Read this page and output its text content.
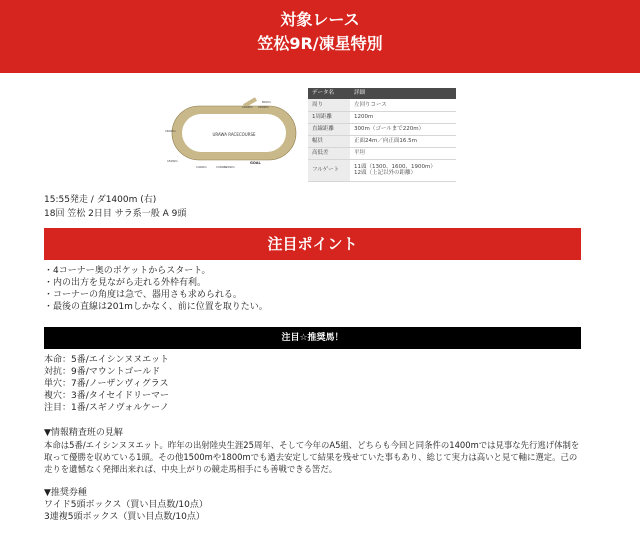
対象レース
笠松9R/凍星特別
URAWA RACECOURSE
800m
1900m 2000m
1600m
1500m
1400m	1300m
1200m
GOAL
データ名	詳細
周り	左回りコース
1周距離	1200m
直線距離	300m（ゴールまで220m）
幅員	正面24m／向正面16.5m
高低差	平坦
フルゲート	11頭（1300、1600、1900m）
12頭（上記以外の距離）
15:55発走 / ダ1400m (右)
18回 笠松 2日目 サラ系一般 A 9頭
注目ポイント
・4コーナー奥のポケットからスタート。
・内の出方を見ながら走れる外枠有利。
・コーナーの角度は急で、器用さも求められる。
・最後の直線は201mしかなく、前に位置を取りたい。
注目☆推奨馬！
本命：5番/エイシンヌヌエット
対抗：9番/マウントゴールド
単穴：7番/ノーザンヴィグラス
複穴：3番/タイセイドリーマー
注目：1番/スギノヴォルケーノ
▼情報精査班の見解
本命は5番/エイシンヌヌエット。昨年の出射陸央生涯25周年、そして今年のA5組、どちらも今回と同条件の1400mでは見事な先行逃げ体制を取って優勝を収めている1頭。その他1500mや1800mでも過去安定して結果を残せていた事もあり、総じて実力は高いと見て軸に選定。己の走りを遺憾なく発揮出来れば、中央上がりの競走馬相手にも善戦できる筈だ。
▼推奨券種
ワイド5頭ボックス（買い目点数/10点）
3連複5頭ボックス（買い目点数/10点）
